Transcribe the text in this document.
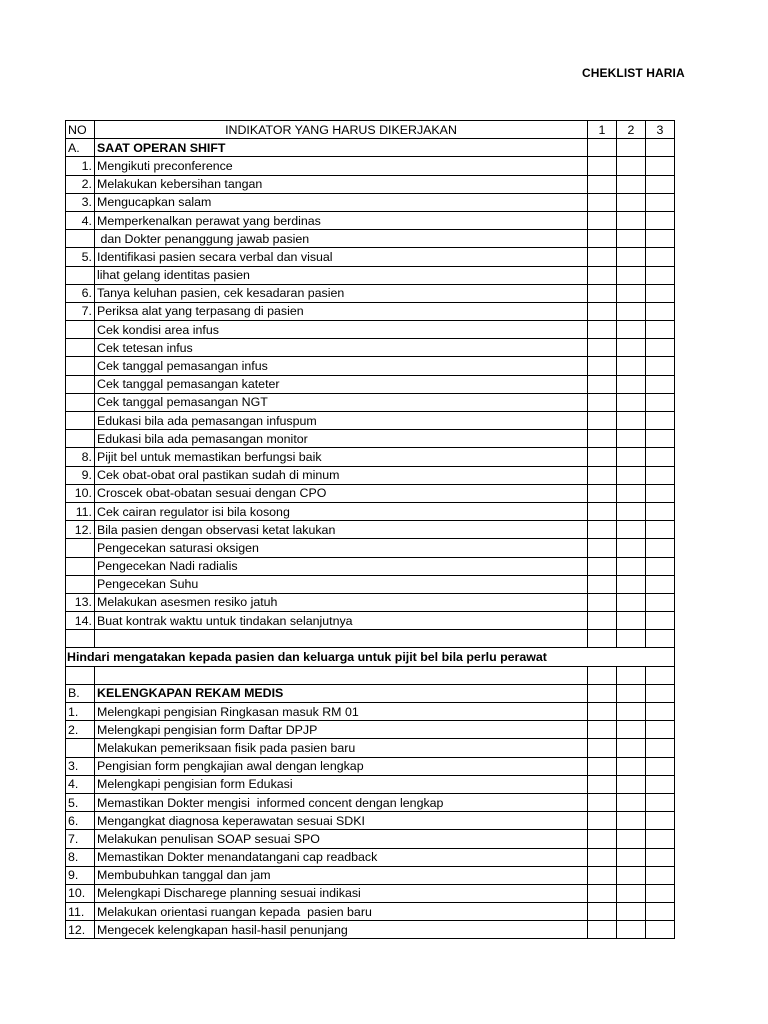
CHEKLIST HARIA
NO	INDIKATOR YANG HARUS DIKERJAKAN	1	2	3
A.	SAAT OPERAN SHIFT			
1.	Mengikuti preconference			
2.	Melakukan kebersihan tangan			
3.	Mengucapkan salam			
4.	Memperkenalkan perawat yang berdinas			
	dan Dokter penanggung jawab pasien			
5.	Identifikasi pasien secara verbal dan visual			
	lihat gelang identitas pasien			
6.	Tanya keluhan pasien, cek kesadaran pasien			
7.	Periksa alat yang terpasang di pasien			
	Cek kondisi area infus			
	Cek tetesan infus			
	Cek tanggal pemasangan infus			
	Cek tanggal pemasangan kateter			
	Cek tanggal pemasangan NGT			
	Edukasi bila ada pemasangan infuspum			
	Edukasi bila ada pemasangan monitor			
8.	Pijit bel untuk memastikan berfungsi baik			
9.	Cek obat-obat oral pastikan sudah di minum			
10.	Croscek obat-obatan sesuai dengan CPO			
11.	Cek cairan regulator isi bila kosong			
12.	Bila pasien dengan observasi ketat lakukan			
	Pengecekan saturasi oksigen			
	Pengecekan Nadi radialis			
	Pengecekan Suhu			
13.	Melakukan asesmen resiko jatuh			
14.	Buat kontrak waktu untuk tindakan selanjutnya			

Hindari mengatakan kepada pasien dan keluarga untuk pijit bel bila perlu perawat				

B.	KELENGKAPAN REKAM MEDIS			
1.	Melengkapi pengisian Ringkasan masuk RM 01			
2.	Melengkapi pengisian form Daftar DPJP			
	Melakukan pemeriksaan fisik pada pasien baru			
3.	Pengisian form pengkajian awal dengan lengkap			
4.	Melengkapi pengisian form Edukasi			
5.	Memastikan Dokter mengisi  informed concent dengan lengkap			
6.	Mengangkat diagnosa keperawatan sesuai SDKI			
7.	Melakukan penulisan SOAP sesuai SPO			
8.	Memastikan Dokter menandatangani cap readback			
9.	Membubuhkan tanggal dan jam			
10.	Melengkapi Discharege planning sesuai indikasi			
11.	Melakukan orientasi ruangan kepada  pasien baru			
12.	Mengecek kelengkapan hasil-hasil penunjang			
